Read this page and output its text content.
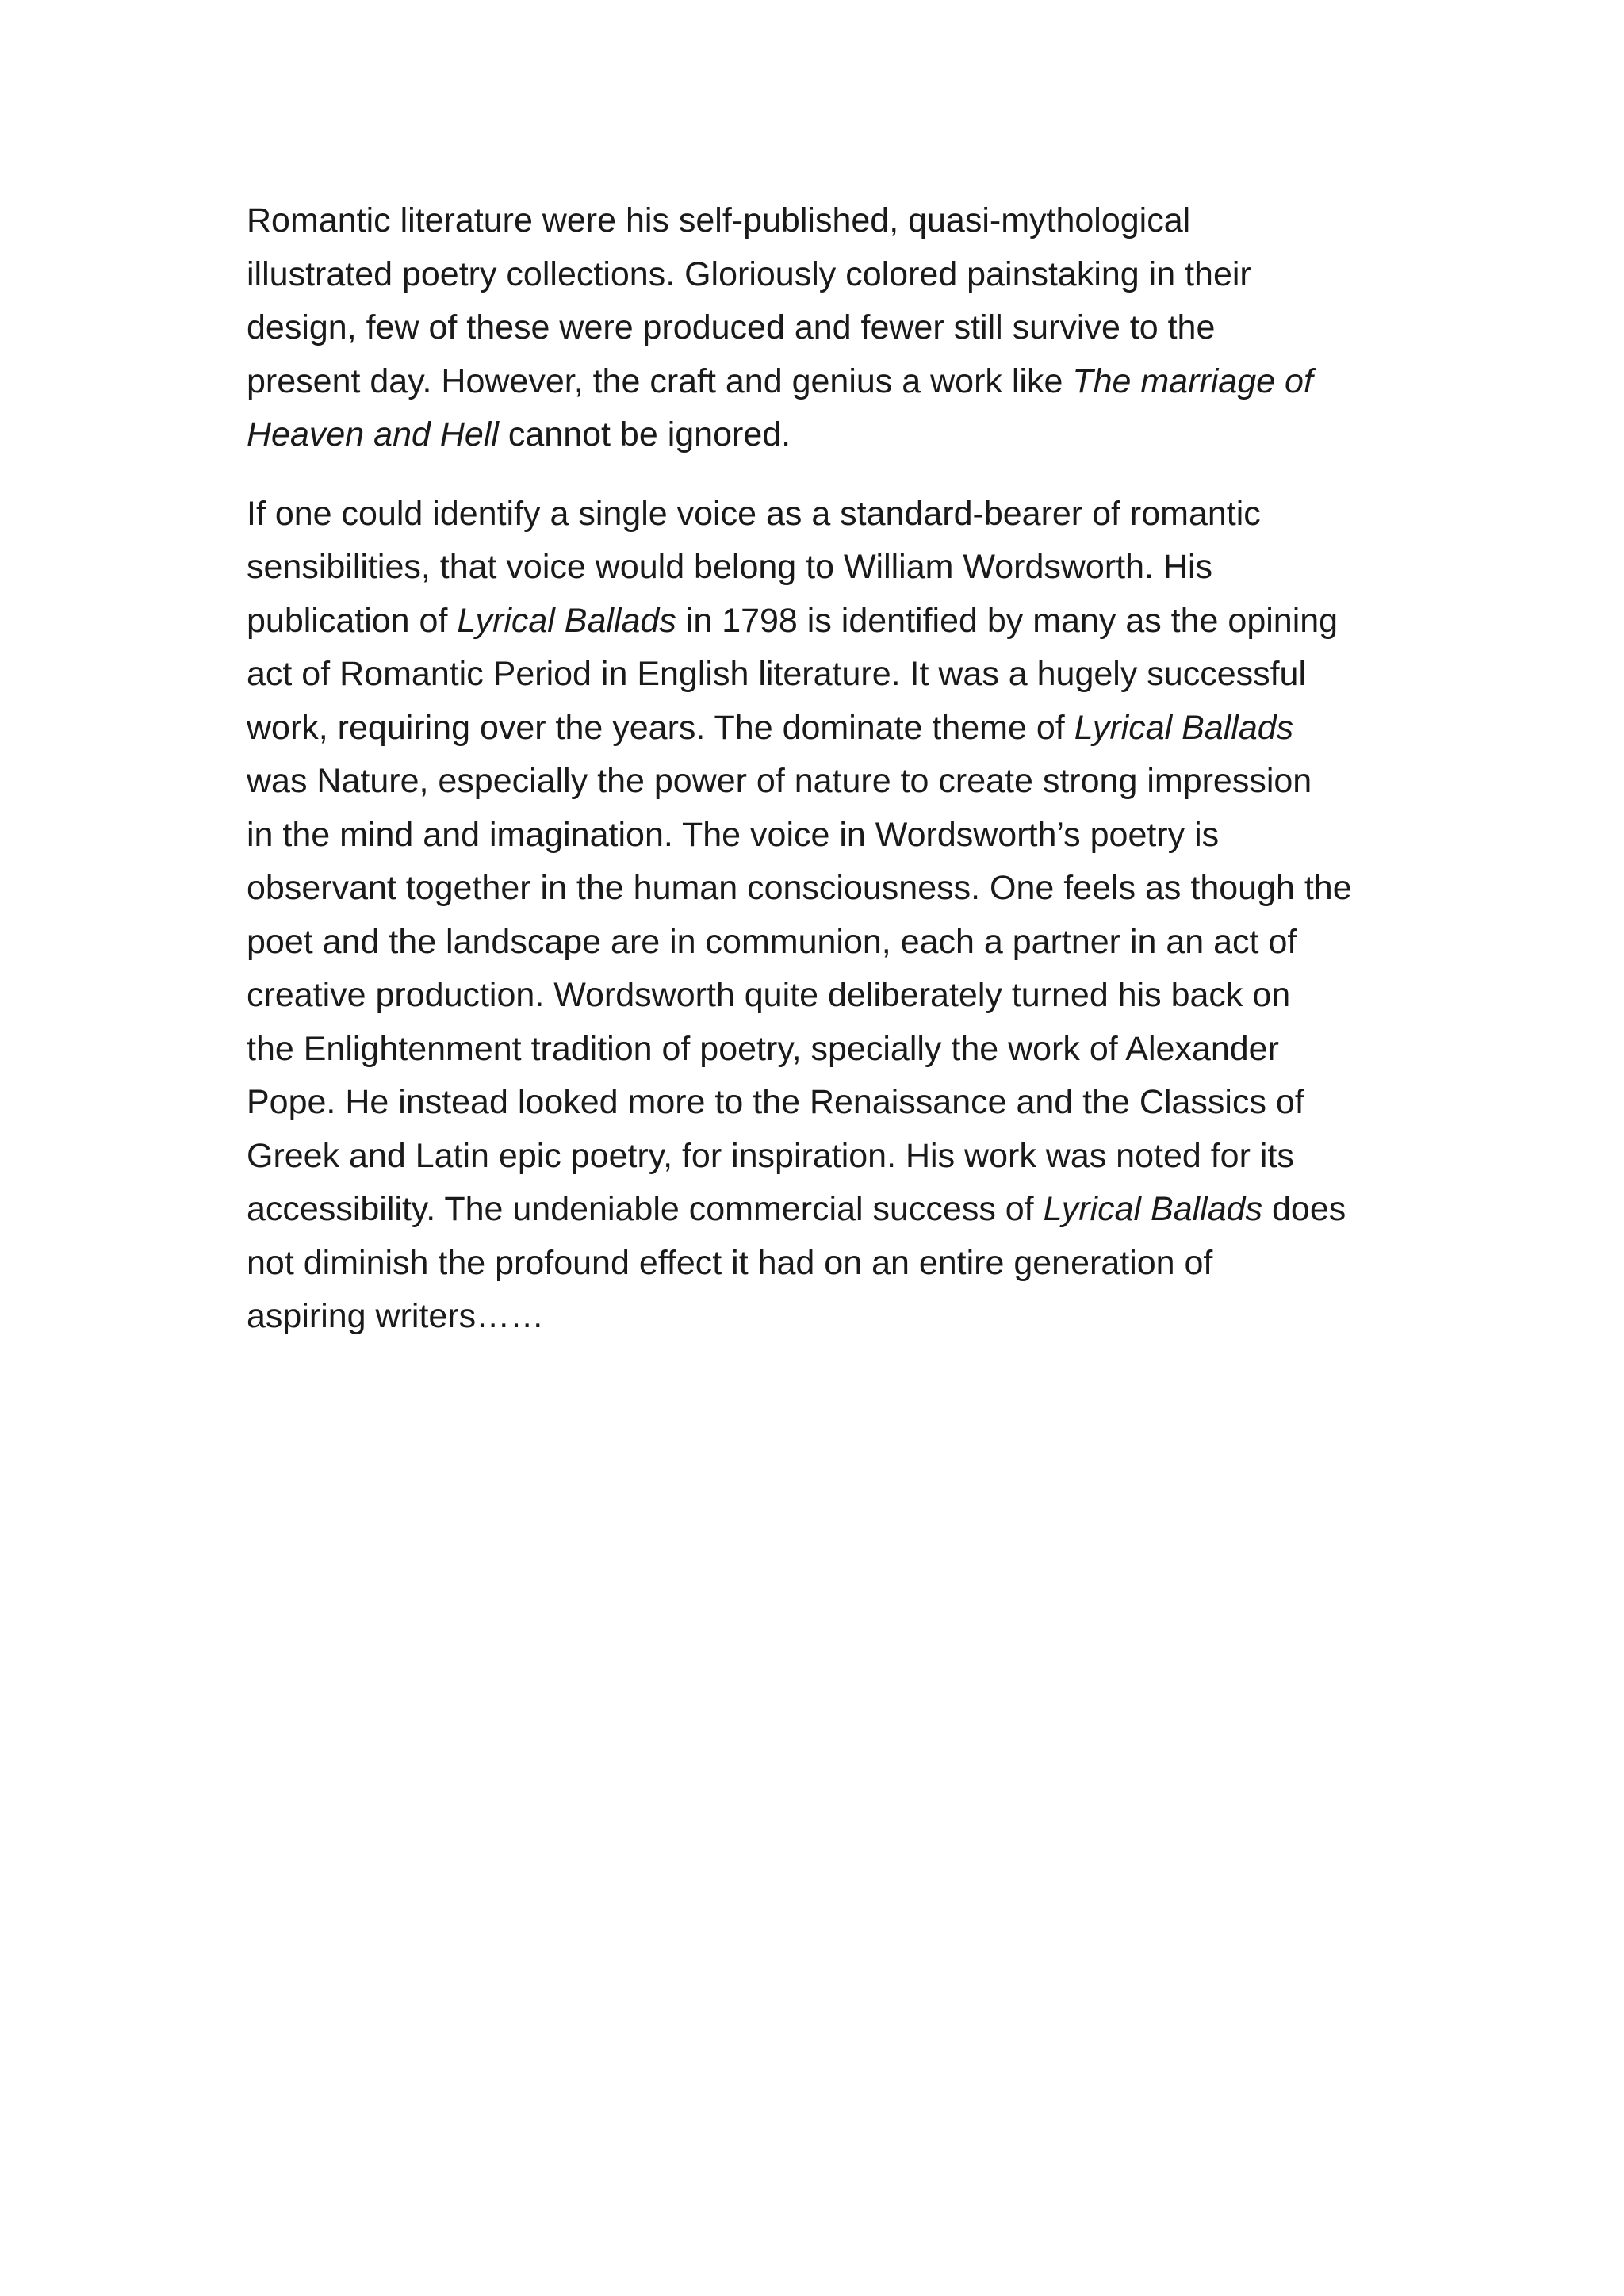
Romantic literature were his self-published, quasi-mythological
illustrated poetry collections. Gloriously colored painstaking in their
design, few of these were produced and fewer still survive to the
present day. However, the craft and genius a work like The marriage of
Heaven and Hell cannot be ignored.

If one could identify a single voice as a standard-bearer of romantic
sensibilities, that voice would belong to William Wordsworth. His
publication of Lyrical Ballads in 1798 is identified by many as the opining
act of Romantic Period in English literature. It was a hugely successful
work, requiring over the years. The dominate theme of Lyrical Ballads
was Nature, especially the power of nature to create strong impression
in the mind and imagination. The voice in Wordsworth’s poetry is
observant together in the human consciousness. One feels as though the
poet and the landscape are in communion, each a partner in an act of
creative production. Wordsworth quite deliberately turned his back on
the Enlightenment tradition of poetry, specially the work of Alexander
Pope. He instead looked more to the Renaissance and the Classics of
Greek and Latin epic poetry, for inspiration. His work was noted for its
accessibility. The undeniable commercial success of Lyrical Ballads does
not diminish the profound effect it had on an entire generation of
aspiring writers……
